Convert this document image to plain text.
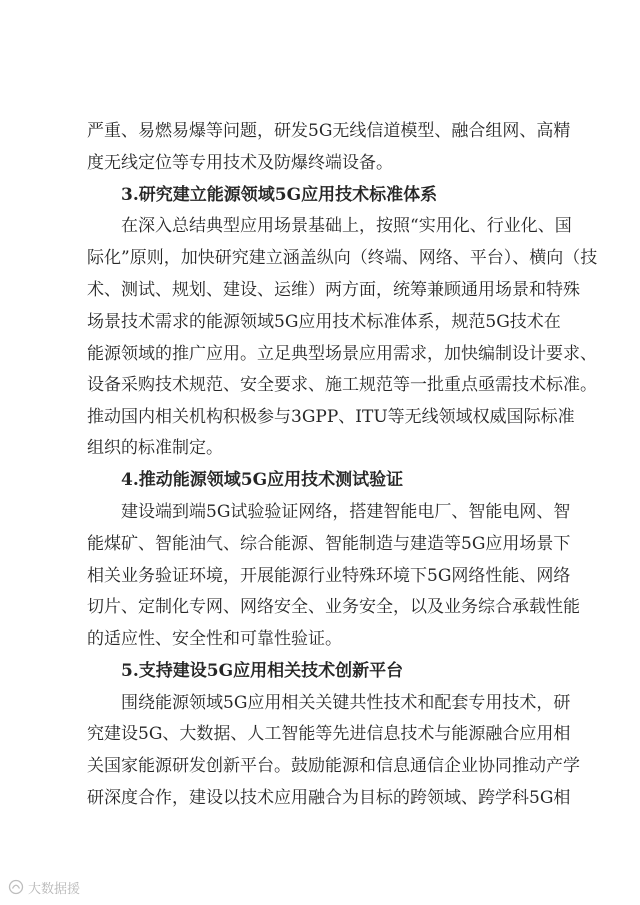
严重、易燃易爆等问题，研发5G无线信道模型、融合组网、高精
度无线定位等专用技术及防爆终端设备。
3.研究建立能源领域5G应用技术标准体系
在深入总结典型应用场景基础上，按照“实用化、行业化、国
际化”原则，加快研究建立涵盖纵向（终端、网络、平台）、横向（技
术、测试、规划、建设、运维）两方面，统筹兼顾通用场景和特殊
场景技术需求的能源领域5G应用技术标准体系，规范5G技术在
能源领域的推广应用。立足典型场景应用需求，加快编制设计要求、
设备采购技术规范、安全要求、施工规范等一批重点亟需技术标准。
推动国内相关机构积极参与3GPP、ITU等无线领域权威国际标准
组织的标准制定。
4.推动能源领域5G应用技术测试验证
建设端到端5G试验验证网络，搭建智能电厂、智能电网、智
能煤矿、智能油气、综合能源、智能制造与建造等5G应用场景下
相关业务验证环境，开展能源行业特殊环境下5G网络性能、网络
切片、定制化专网、网络安全、业务安全，以及业务综合承载性能
的适应性、安全性和可靠性验证。
5.支持建设5G应用相关技术创新平台
围绕能源领域5G应用相关关键共性技术和配套专用技术，研
究建设5G、大数据、人工智能等先进信息技术与能源融合应用相
关国家能源研发创新平台。鼓励能源和信息通信企业协同推动产学
研深度合作，建设以技术应用融合为目标的跨领域、跨学科5G相
大数据援
